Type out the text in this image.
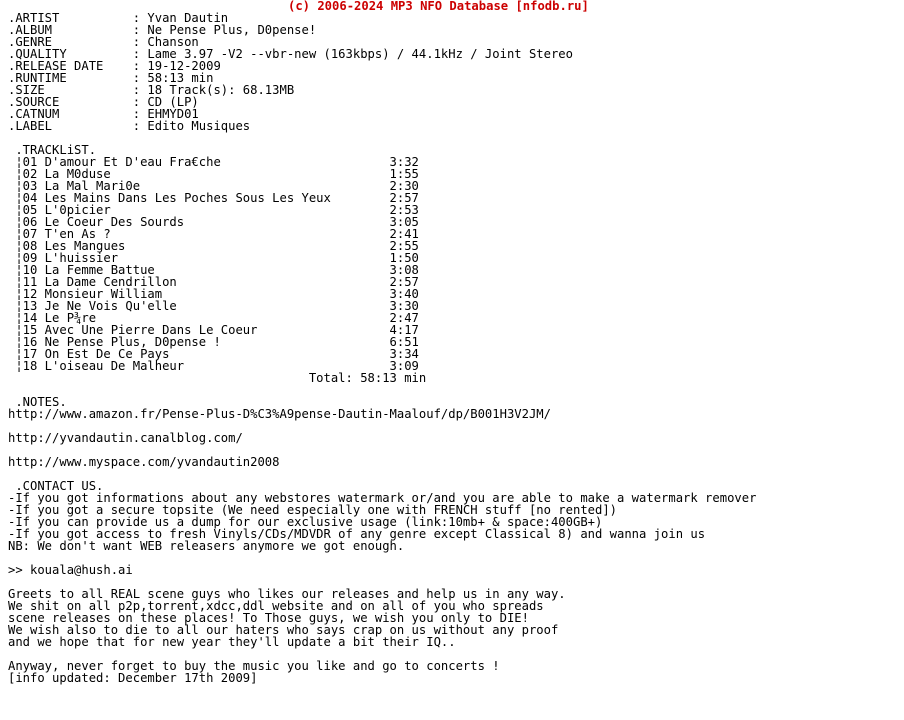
(c) 2006-2024 MP3 NFO Database [nfodb.ru]
.ARTIST          : Yvan Dautin
.ALBUM           : Ne Pense Plus, D0pense!
.GENRE           : Chanson
.QUALITY         : Lame 3.97 -V2 --vbr-new (163kbps) / 44.1kHz / Joint Stereo
.RELEASE DATE    : 19-12-2009
.RUNTIME         : 58:13 min
.SIZE            : 18 Track(s): 68.13MB
.SOURCE          : CD (LP)
.CATNUM          : EHMYD01
.LABEL           : Edito Musiques
.TRACKLiST.
¦01 D'amour Et D'eau Fra€che                       3:32
¦02 La M0duse                                      1:55
¦03 La Mal Mari0e                                  2:30
¦04 Les Mains Dans Les Poches Sous Les Yeux        2:57
¦05 L'0picier                                      2:53
¦06 Le Coeur Des Sourds                            3:05
¦07 T'en As ?                                      2:41
¦08 Les Mangues                                    2:55
¦09 L'huissier                                     1:50
¦10 La Femme Battue                                3:08
¦11 La Dame Cendrillon                             2:57
¦12 Monsieur William                               3:40
¦13 Je Ne Vois Qu'elle                             3:30
¦14 Le P¾re                                        2:47
¦15 Avec Une Pierre Dans Le Coeur                  4:17
¦16 Ne Pense Plus, D0pense !                       6:51
¦17 On Est De Ce Pays                              3:34
¦18 L'oiseau De Malheur                            3:09
Total: 58:13 min
.NOTES.
http://www.amazon.fr/Pense-Plus-D%C3%A9pense-Dautin-Maalouf/dp/B001H3V2JM/
http://yvandautin.canalblog.com/
http://www.myspace.com/yvandautin2008
.CONTACT US.
-If you got informations about any webstores watermark or/and you are able to make a watermark remover
-If you got a secure topsite (We need especially one with FRENCH stuff [no rented])
-If you can provide us a dump for our exclusive usage (link:10mb+ & space:400GB+)
-If you got access to fresh Vinyls/CDs/MDVDR of any genre except Classical 8) and wanna join us
NB: We don't want WEB releasers anymore we got enough.
>> kouala@hush.ai
Greets to all REAL scene guys who likes our releases and help us in any way.
We shit on all p2p,torrent,xdcc,ddl website and on all of you who spreads
scene releases on these places! To Those guys, we wish you only to DIE!
We wish also to die to all our haters who says crap on us without any proof
and we hope that for new year they'll update a bit their IQ..
Anyway, never forget to buy the music you like and go to concerts !
[info updated: December 17th 2009]
